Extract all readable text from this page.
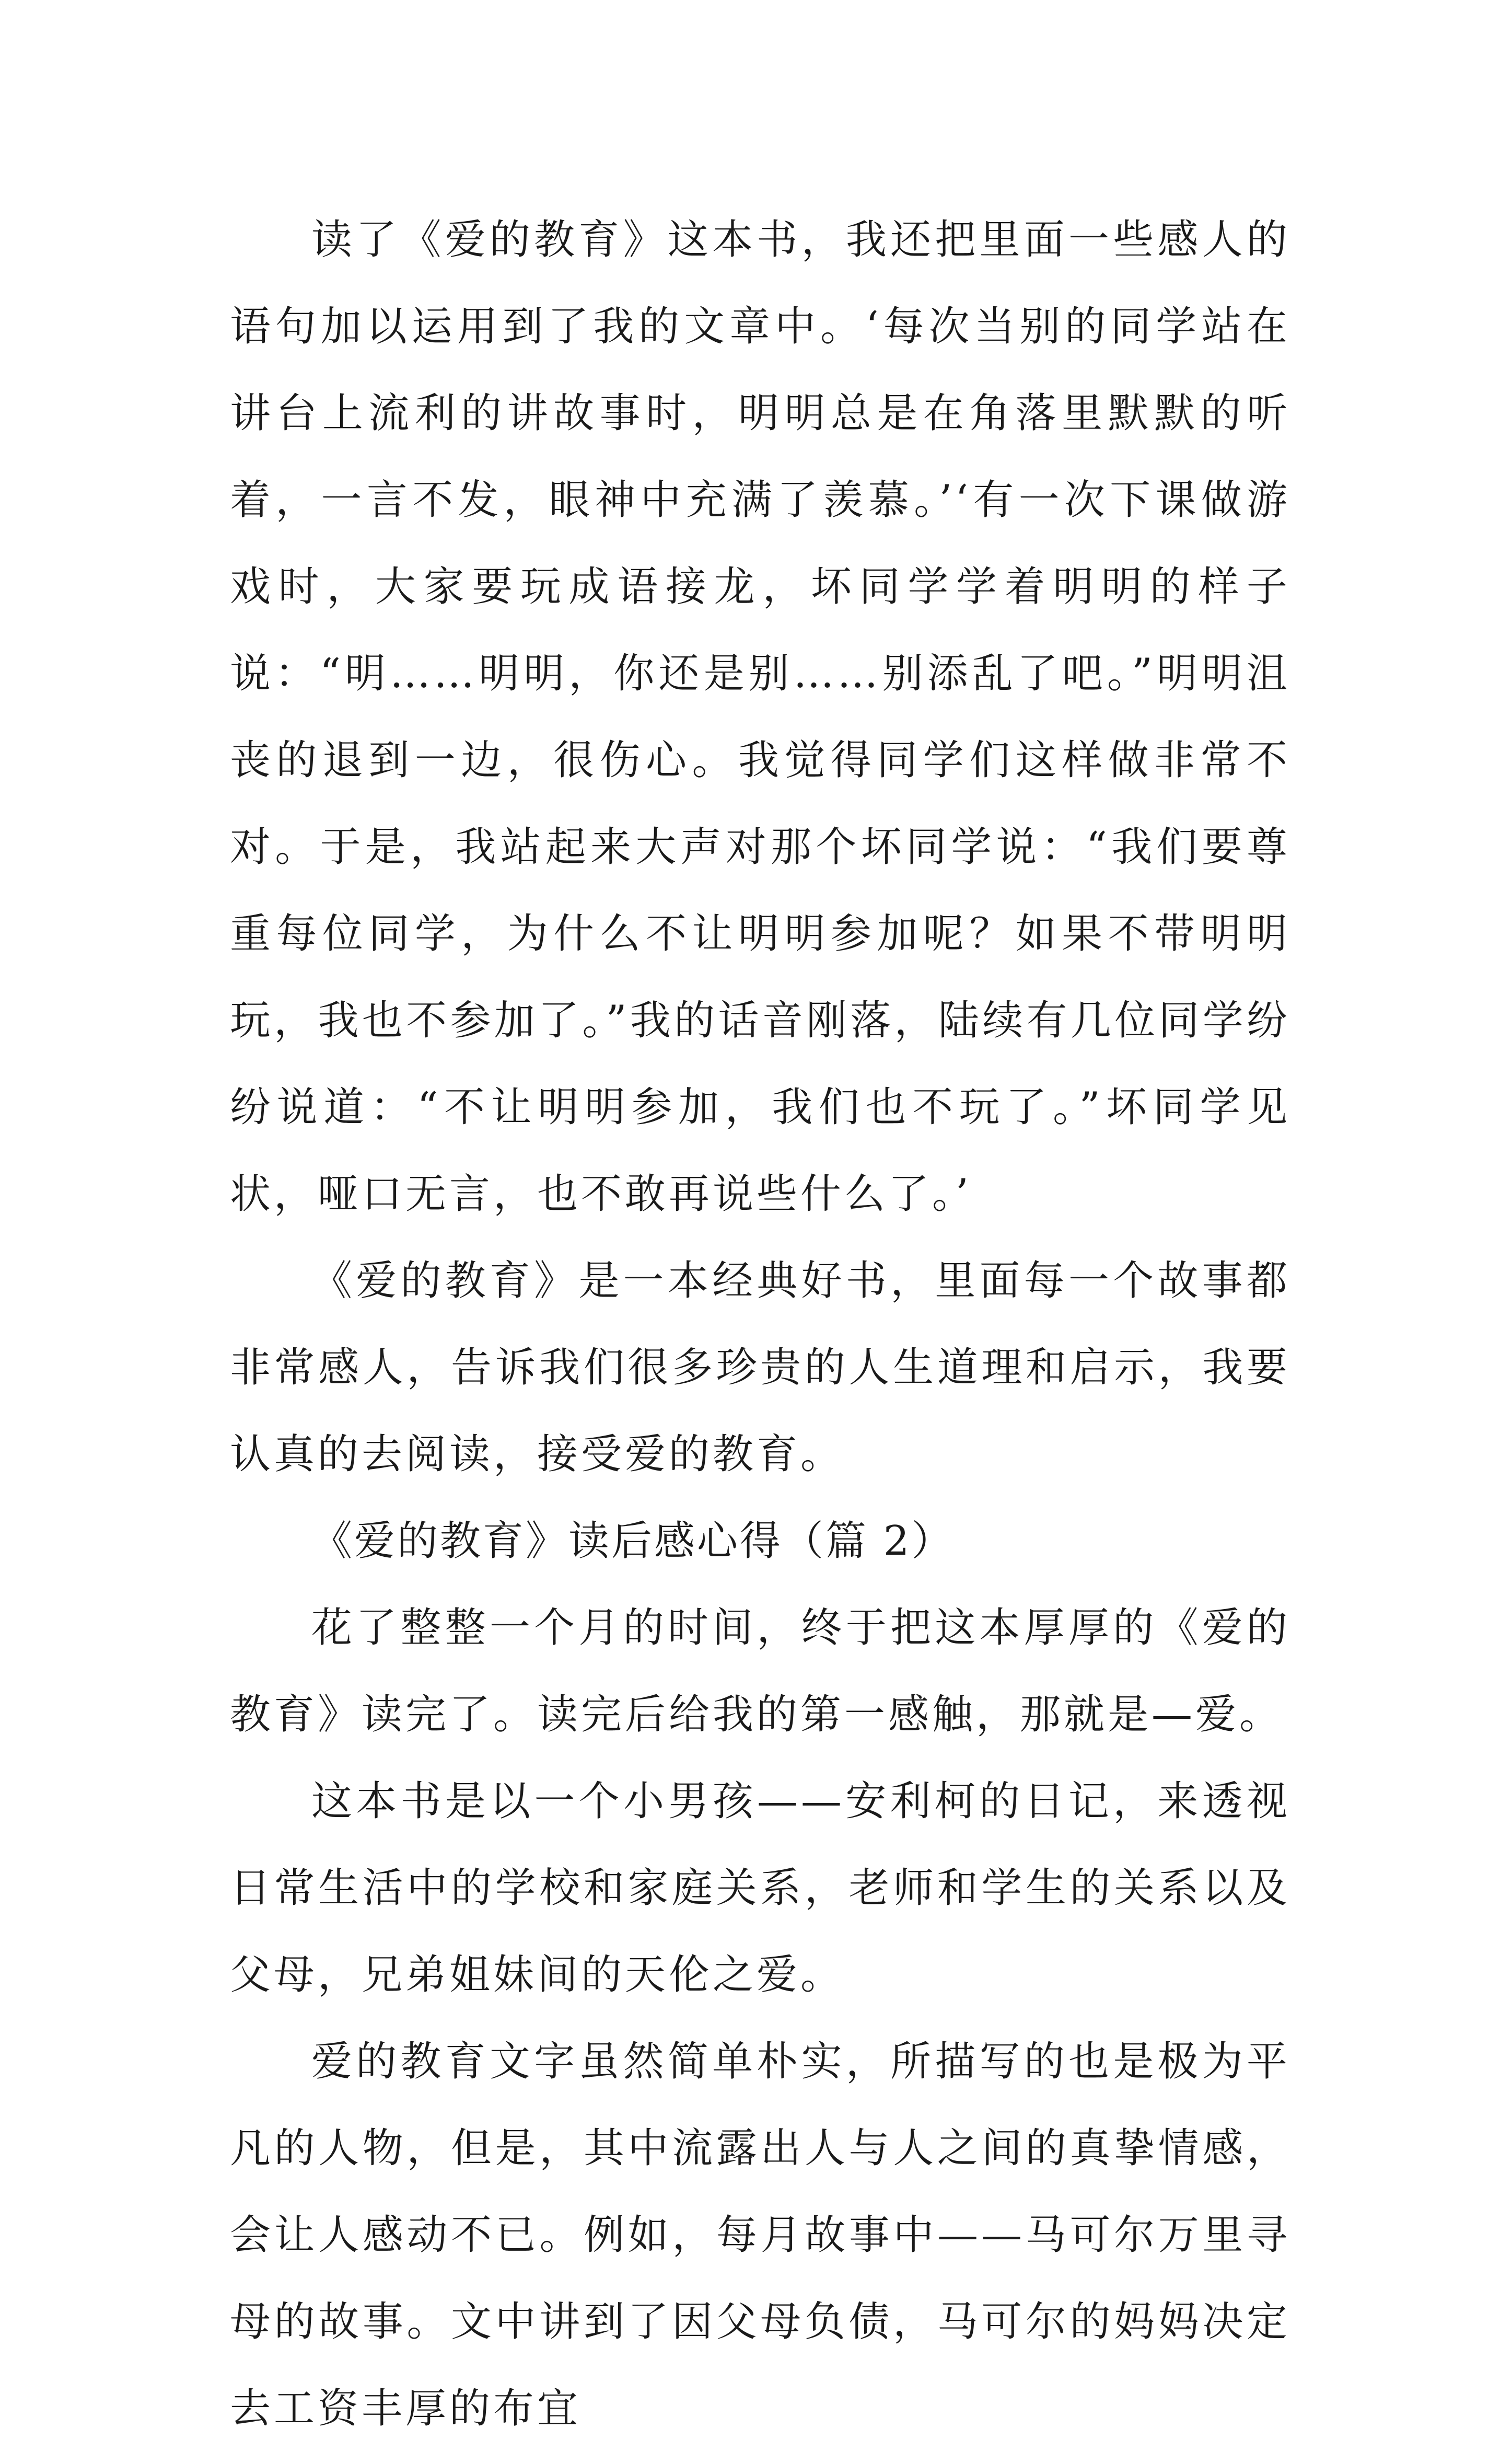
读了《爱的教育》这本书，我还把里面一些感人的语句加以运用到了我的文章中。‘每次当别的同学站在讲台上流利的讲故事时，明明总是在角落里默默的听着，一言不发，眼神中充满了羡慕。’‘有一次下课做游戏时，大家要玩成语接龙，坏同学学着明明的样子说：“明……明明，你还是别……别添乱了吧。”明明沮丧的退到一边，很伤心。我觉得同学们这样做非常不对。于是，我站起来大声对那个坏同学说：“我们要尊重每位同学，为什么不让明明参加呢？如果不带明明玩，我也不参加了。”我的话音刚落，陆续有几位同学纷纷说道：“不让明明参加，我们也不玩了。”坏同学见状，哑口无言，也不敢再说些什么了。’

《爱的教育》是一本经典好书，里面每一个故事都非常感人，告诉我们很多珍贵的人生道理和启示，我要认真的去阅读，接受爱的教育。

《爱的教育》读后感心得（篇 2）

花了整整一个月的时间，终于把这本厚厚的《爱的教育》读完了。读完后给我的第一感触，那就是—爱。

这本书是以一个小男孩——安利柯的日记，来透视日常生活中的学校和家庭关系，老师和学生的关系以及父母，兄弟姐妹间的天伦之爱。

爱的教育文字虽然简单朴实，所描写的也是极为平凡的人物，但是，其中流露出人与人之间的真挚情感，会让人感动不已。例如，每月故事中——马可尔万里寻母的故事。文中讲到了因父母负债，马可尔的妈妈决定去工资丰厚的布宜
